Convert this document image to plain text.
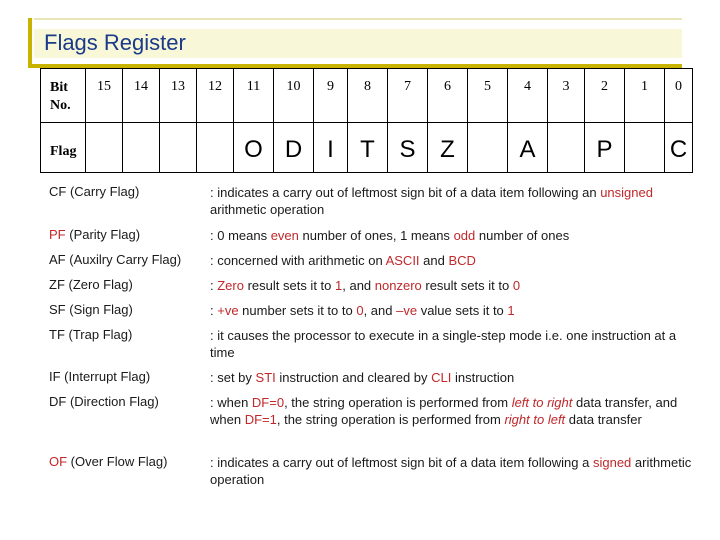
Flags Register
Bit No.	15	14	13	12	11	10	9	8	7	6	5	4	3	2	1	0
Flag					O	D	I	T	S	Z		A		P		C
CF (Carry Flag)	: indicates a carry out of leftmost sign bit of a data item following an unsigned arithmetic operation
PF (Parity Flag)	: 0 means even number of ones, 1 means odd number of ones
AF (Auxilry Carry Flag) : concerned with arithmetic on ASCII and BCD
ZF (Zero Flag)	: Zero result sets it to 1, and nonzero result sets it to 0
SF (Sign Flag)	: +ve number sets it to to 0, and –ve value sets it to 1
TF (Trap Flag)	: it causes the processor to execute in a single-step mode i.e. one instruction at a time
IF (Interrupt Flag)	: set by STI instruction and cleared by CLI instruction
DF (Direction Flag)	: when DF=0, the string operation is performed from left to right data transfer, and when DF=1, the string operation is performed from right to left data transfer
OF (Over Flow Flag)	: indicates a carry out of leftmost sign bit of a data item following a signed arithmetic operation
